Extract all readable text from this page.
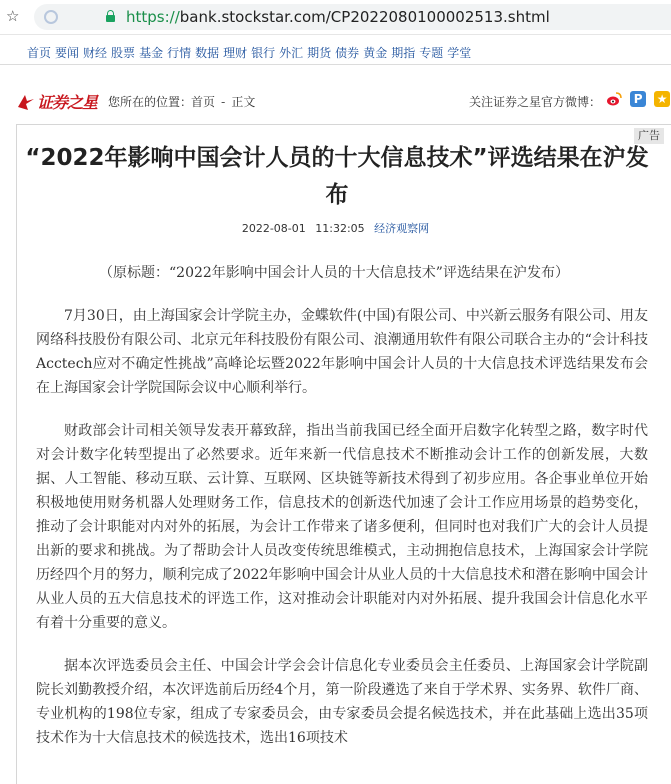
☆	https://bank.stockstar.com/CP2022080100002513.shtml
首页 要闻 财经 股票 基金 行情 数据 理财 银行 外汇 期货 债券 黄金 期指 专题 学堂
证券之星 您所在的位置：
首页 - 正文	关注证券之星官方微博：	P ★
广告
“2022年影响中国会计人员的十大信息技术”评选结果在沪发布
2022-08-01 11:32:05 经济观察网

（原标题：“2022年影响中国会计人员的十大信息技术”评选结果在沪发布）

7月30日，由上海国家会计学院主办，金蝶软件(中国)有限公司、中兴新云服务有限公司、用友网络科技股份有限公司、北京元年科技股份有限公司、浪潮通用软件有限公司联合主办的“会计科技Acctech应对不确定性挑战”高峰论坛暨2022年影响中国会计人员的十大信息技术评选结果发布会在上海国家会计学院国际会议中心顺利举行。

财政部会计司相关领导发表开幕致辞，指出当前我国已经全面开启数字化转型之路，数字时代对会计数字化转型提出了必然要求。近年来新一代信息技术不断推动会计工作的创新发展，大数据、人工智能、移动互联、云计算、互联网、区块链等新技术得到了初步应用。各企事业单位开始积极地使用财务机器人处理财务工作，信息技术的创新迭代加速了会计工作应用场景的趋势变化，推动了会计职能对内对外的拓展，为会计工作带来了诸多便利，但同时也对我们广大的会计人员提出新的要求和挑战。为了帮助会计人员改变传统思维模式，主动拥抱信息技术，上海国家会计学院历经四个月的努力，顺利完成了2022年影响中国会计从业人员的十大信息技术和潜在影响中国会计从业人员的五大信息技术的评选工作，这对推动会计职能对内对外拓展、提升我国会计信息化水平有着十分重要的意义。

据本次评选委员会主任、中国会计学会会计信息化专业委员会主任委员、上海国家会计学院副院长刘勤教授介绍，本次评选前后历经4个月，第一阶段遴选了来自于学术界、实务界、软件厂商、专业机构的198位专家，组成了专家委员会，由专家委员会提名候选技术，并在此基础上选出35项技术作为十大信息技术的候选技术，选出16项技术
